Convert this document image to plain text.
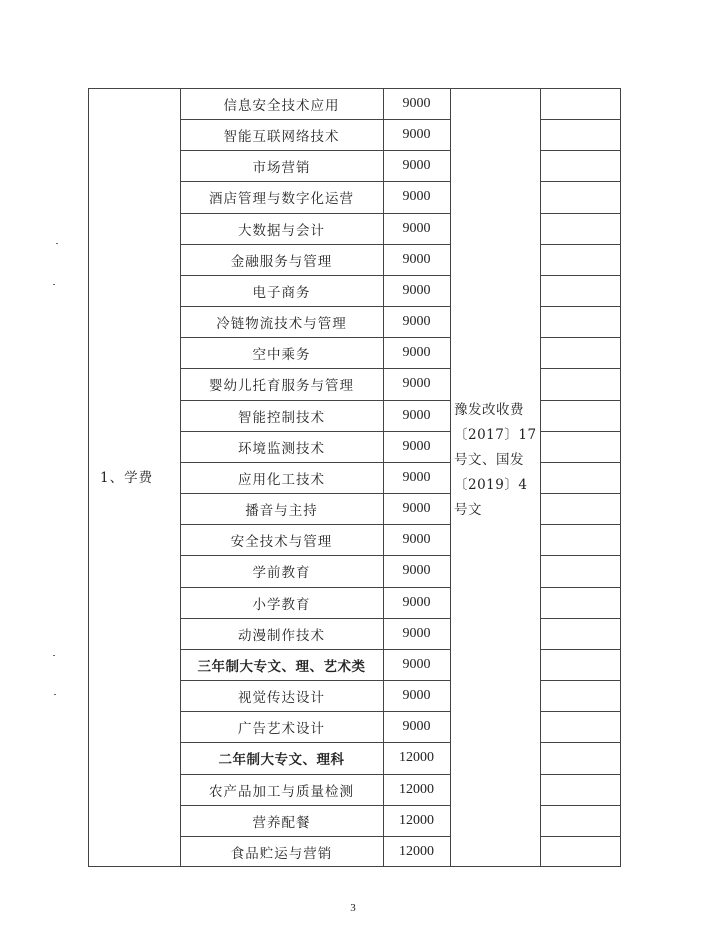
1、学费
豫发改收费
〔2017〕17
号文、国发
〔2019〕4
号文
信息安全技术应用	9000
智能互联网络技术	9000
市场营销	9000
酒店管理与数字化运营	9000
大数据与会计	9000
金融服务与管理	9000
电子商务	9000
冷链物流技术与管理	9000
空中乘务	9000
婴幼儿托育服务与管理	9000
智能控制技术	9000
环境监测技术	9000
应用化工技术	9000
播音与主持	9000
安全技术与管理	9000
学前教育	9000
小学教育	9000
动漫制作技术	9000
三年制大专文、理、艺术类	9000
视觉传达设计	9000
广告艺术设计	9000
二年制大专文、理科	12000
农产品加工与质量检测	12000
营养配餐	12000
食品贮运与营销	12000
3
